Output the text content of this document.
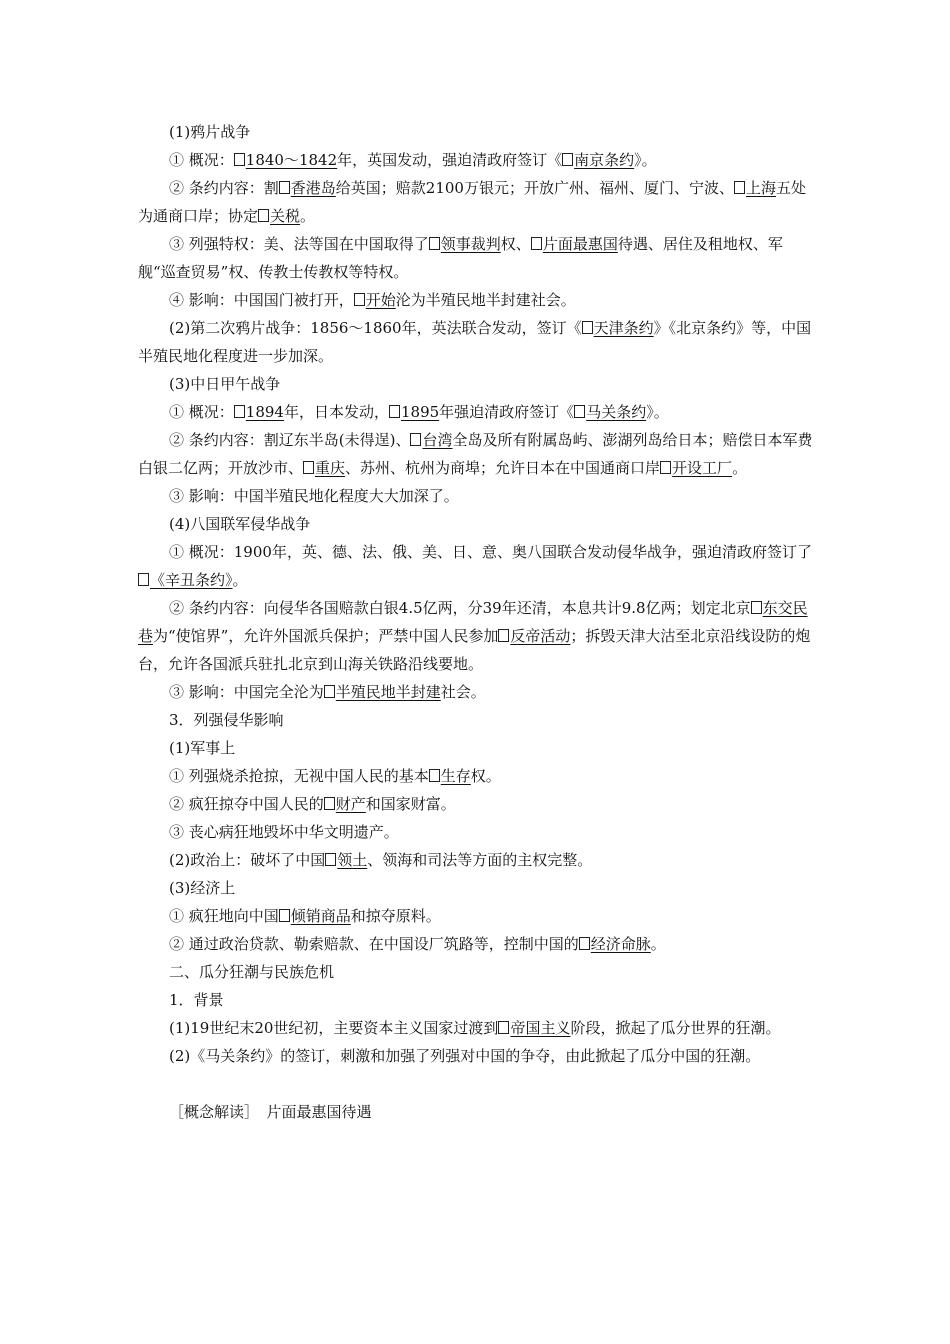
(1)鸦片战争

① 概况： 1840～1842年，英国发动，强迫清政府签订《 南京条约》。

② 条约内容：割 香港岛给英国；赔款2100万银元；开放广州、福州、厦门、宁波、 上海五处为通商口岸；协定 关税。

③ 列强特权：美、法等国在中国取得了 领事裁判权、 片面最惠国待遇、居住及租地权、军舰“巡查贸易”权、传教士传教权等特权。

④ 影响：中国国门被打开， 开始沦为半殖民地半封建社会。

(2)第二次鸦片战争：1856～1860年，英法联合发动，签订《 天津条约》《北京条约》等，中国半殖民地化程度进一步加深。

(3)中日甲午战争

① 概况： 1894年，日本发动， 1895年强迫清政府签订《 马关条约》。

② 条约内容：割辽东半岛(未得逞)、 台湾全岛及所有附属岛屿、澎湖列岛给日本；赔偿日本军费白银二亿两；开放沙市、 重庆、苏州、杭州为商埠；允许日本在中国通商口岸 开设工厂。

③ 影响：中国半殖民地化程度大大加深了。

(4)八国联军侵华战争

① 概况：1900年，英、德、法、俄、美、日、意、奥八国联合发动侵华战争，强迫清政府签订了《辛丑条约》。

② 条约内容：向侵华各国赔款白银4.5亿两，分39年还清，本息共计9.8亿两；划定北京 东交民巷为“使馆界”，允许外国派兵保护；严禁中国人民参加 反帝活动；拆毁天津大沽至北京沿线设防的炮台，允许各国派兵驻扎北京到山海关铁路沿线要地。

③ 影响：中国完全沦为 半殖民地半封建社会。

3．列强侵华影响

(1)军事上

① 列强烧杀抢掠，无视中国人民的基本 生存权。

② 疯狂掠夺中国人民的 财产和国家财富。

③ 丧心病狂地毁坏中华文明遗产。

(2)政治上：破坏了中国 领土、领海和司法等方面的主权完整。

(3)经济上

① 疯狂地向中国 倾销商品和掠夺原料。

② 通过政治贷款、勒索赔款、在中国设厂筑路等，控制中国的 经济命脉。

二、瓜分狂潮与民族危机

1．背景

(1)19世纪末20世纪初，主要资本主义国家过渡到 帝国主义阶段，掀起了瓜分世界的狂潮。

(2)《马关条约》的签订，刺激和加强了列强对中国的争夺，由此掀起了瓜分中国的狂潮。

［概念解读］　片面最惠国待遇
